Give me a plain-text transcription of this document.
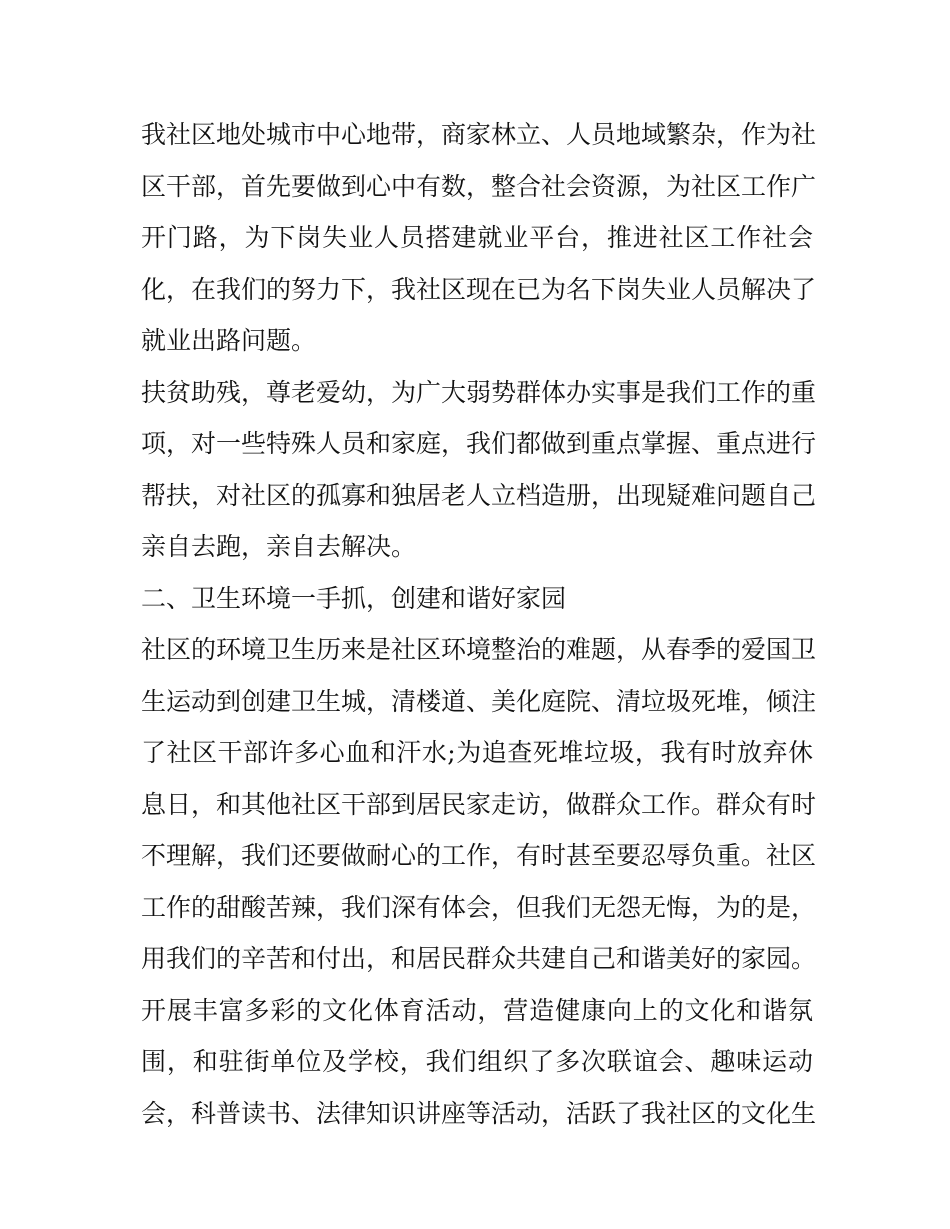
我社区地处城市中心地带，商家林立、人员地域繁杂，作为社
区干部，首先要做到心中有数，整合社会资源，为社区工作广
开门路，为下岗失业人员搭建就业平台，推进社区工作社会
化，在我们的努力下，我社区现在已为名下岗失业人员解决了
就业出路问题。
扶贫助残，尊老爱幼，为广大弱势群体办实事是我们工作的重
项，对一些特殊人员和家庭，我们都做到重点掌握、重点进行
帮扶，对社区的孤寡和独居老人立档造册，出现疑难问题自己
亲自去跑，亲自去解决。
二、卫生环境一手抓，创建和谐好家园
社区的环境卫生历来是社区环境整治的难题，从春季的爱国卫
生运动到创建卫生城，清楼道、美化庭院、清垃圾死堆，倾注
了社区干部许多心血和汗水;为追查死堆垃圾，我有时放弃休
息日，和其他社区干部到居民家走访，做群众工作。群众有时
不理解，我们还要做耐心的工作，有时甚至要忍辱负重。社区
工作的甜酸苦辣，我们深有体会，但我们无怨无悔，为的是，
用我们的辛苦和付出，和居民群众共建自己和谐美好的家园。
开展丰富多彩的文化体育活动，营造健康向上的文化和谐氛
围，和驻街单位及学校，我们组织了多次联谊会、趣味运动
会，科普读书、法律知识讲座等活动，活跃了我社区的文化生
